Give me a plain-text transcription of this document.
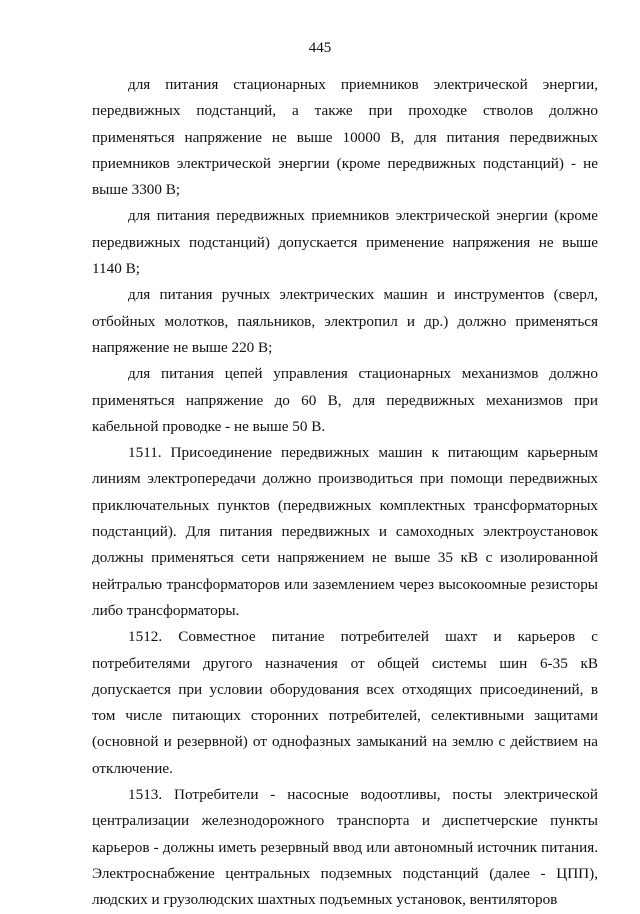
445

для питания стационарных приемников электрической энергии, передвижных подстанций, а также при проходке стволов должно применяться напряжение не выше 10000 В, для питания передвижных приемников электрической энергии (кроме передвижных подстанций) - не выше 3300 В;

для питания передвижных приемников электрической энергии (кроме передвижных подстанций) допускается применение напряжения не выше 1140 В;

для питания ручных электрических машин и инструментов (сверл, отбойных молотков, паяльников, электропил и др.) должно применяться напряжение не выше 220 В;

для питания цепей управления стационарных механизмов должно применяться напряжение до 60 В, для передвижных механизмов при кабельной проводке - не выше 50 В.

1511. Присоединение передвижных машин к питающим карьерным линиям электропередачи должно производиться при помощи передвижных приключательных пунктов (передвижных комплектных трансформаторных подстанций). Для питания передвижных и самоходных электроустановок должны применяться сети напряжением не выше 35 кВ с изолированной нейтралью трансформаторов или заземлением через высокоомные резисторы либо трансформаторы.

1512. Совместное питание потребителей шахт и карьеров с потребителями другого назначения от общей системы шин 6-35 кВ допускается при условии оборудования всех отходящих присоединений, в том числе питающих сторонних потребителей, селективными защитами (основной и резервной) от однофазных замыканий на землю с действием на отключение.

1513. Потребители - насосные водоотливы, посты электрической централизации железнодорожного транспорта и диспетчерские пункты карьеров - должны иметь резервный ввод или автономный источник питания. Электроснабжение центральных подземных подстанций (далее - ЦПП), людских и грузолюдских шахтных подъемных установок, вентиляторов
